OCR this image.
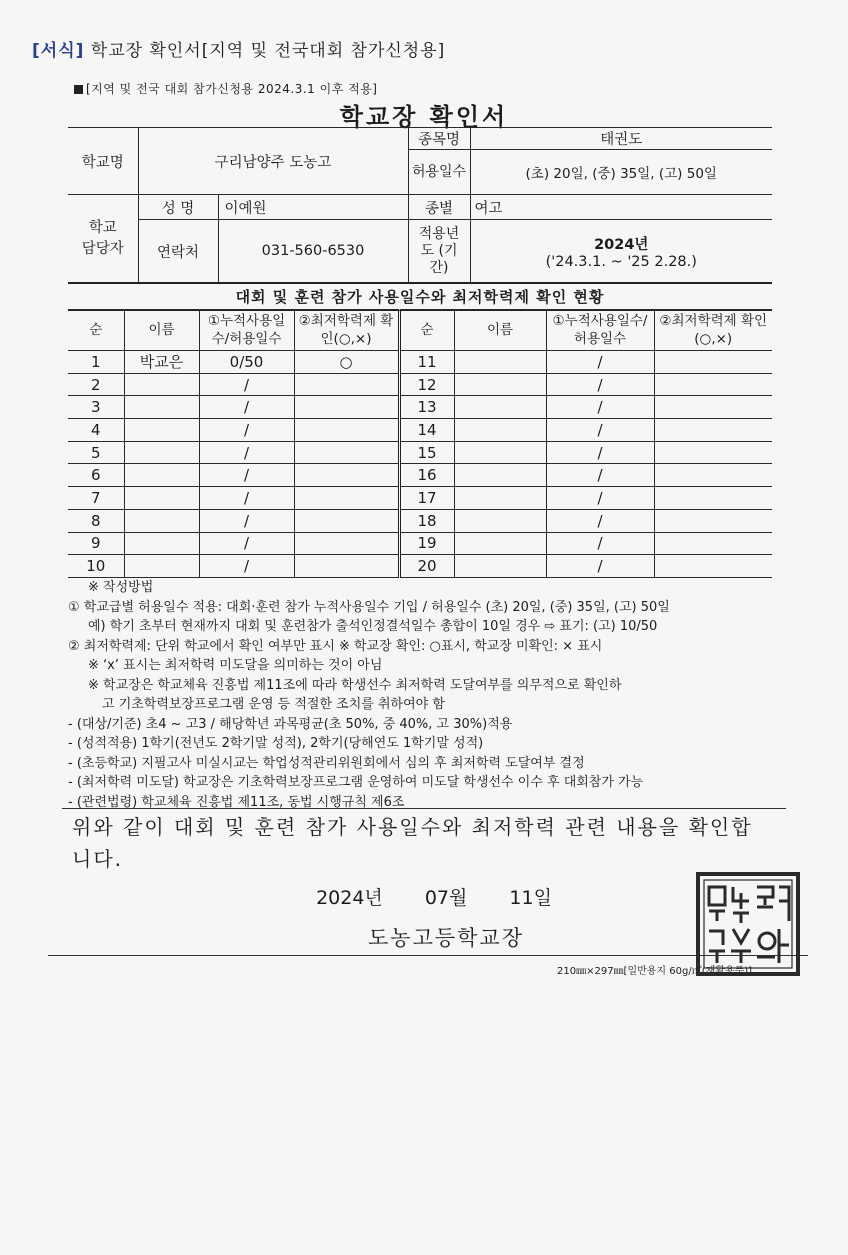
[서식] 학교장 확인서[지역 및 전국대회 참가신청용]
[지역 및 전국 대회 참가신청용 2024.3.1 이후 적용]
학교장 확인서
학교명	구리남양주 도농고		종목명	태권도
			허용일수	(초) 20일, (중) 35일, (고) 50일
학교 담당자	성 명	이예원	종별	여고
	연락처	031-560-6530	적용년도 (기간)	2024년
('24.3.1. ~ '25 2.28.)
대회 및 훈련 참가 사용일수와 최저학력제 확인 현황
순	이름	①누적사용일수/허용일수	②최저학력제 확인(○,×)	순	이름	①누적사용일수/허용일수	②최저학력제 확인(○,×)
1	박교은	0/50	○	11		/	
2		/		12		/	
3		/		13		/	
4		/		14		/	
5		/		15		/	
6		/		16		/	
7		/		17		/	
8		/		18		/	
9		/		19		/	
10		/		20		/	
※ 작성방법
① 학교급별 허용일수 적용: 대회·훈련 참가 누적사용일수 기입 / 허용일수 (초) 20일, (중) 35일, (고) 50일
예) 학기 초부터 현재까지 대회 및 훈련참가 출석인정결석일수 총합이 10일 경우 ⇨ 표기: (고) 10/50
② 최저학력제: 단위 학교에서 확인 여부만 표시 ※ 학교장 확인: ○표시, 학교장 미확인: × 표시
※ ‘x’ 표시는 최저학력 미도달을 의미하는 것이 아님
※ 학교장은 학교체육 진흥법 제11조에 따라 학생선수 최저학력 도달여부를 의무적으로 확인하
고 기초학력보장프로그램 운영 등 적절한 조치를 취하여야 함
- (대상/기준) 초4 ~ 고3 / 해당학년 과목평균(초 50%, 중 40%, 고 30%)적용
- (성적적용) 1학기(전년도 2학기말 성적), 2학기(당해연도 1학기말 성적)
- (초등학교) 지필고사 미실시교는 학업성적관리위원회에서 심의 후 최저학력 도달여부 결정
- (최저학력 미도달) 학교장은 기초학력보장프로그램 운영하여 미도달 학생선수 이수 후 대회참가 가능
- (관련법령) 학교체육 진흥법 제11조, 동법 시행규칙 제6조
위와 같이 대회 및 훈련 참가 사용일수와 최저학력 관련 내용을 확인합니다.
2024년 07월 11일
도농고등학교장
210㎜×297㎜[일반용지 60g/㎡(재활용품)]
